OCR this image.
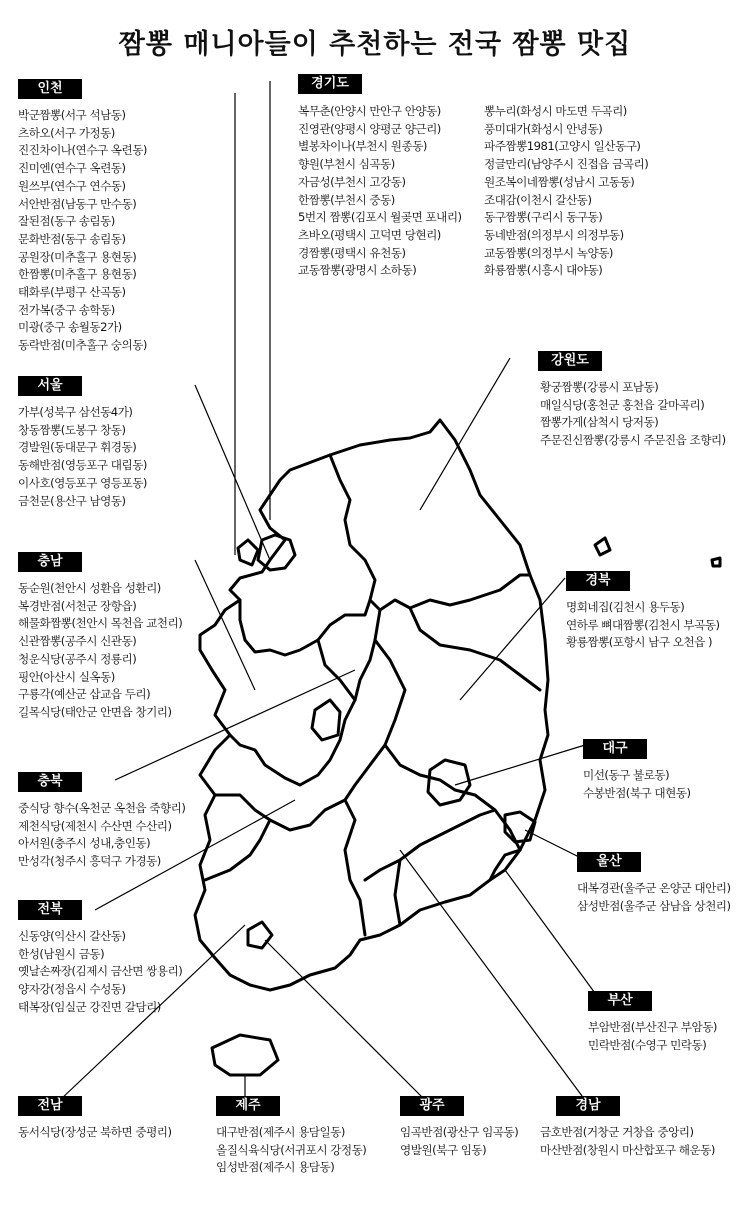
짬뽕 매니아들이 추천하는 전국 짬뽕 맛집
인천
박군짬뽕(서구 석남동)
츠하오(서구 가정동)
진진차이나(연수구 옥련동)
진미엔(연수구 옥련동)
원쓰부(연수구 연수동)
서안반점(남동구 만수동)
잘된점(동구 송림동)
문화반점(동구 송림동)
공원장(미추홀구 용현동)
한짬뽕(미추홀구 용현동)
태화루(부평구 산곡동)
전가복(중구 송학동)
미광(중구 송월동2가)
동락반점(미추홀구 숭의동)
경기도
복무춘(안양시 만안구 안양동)
진영관(양평시 양평군 양근리)
별봉차이나(부천시 원종동)
향원(부천시 심곡동)
자금성(부천시 고강동)
한짬뽕(부천시 중동)
5번지 짬뽕(김포시 월곶면 포내리)
츠바오(평택시 고덕면 당현리)
경짬뽕(평택시 유천동)
교동짬뽕(광명시 소하동)
뽕누리(화성시 마도면 두곡리)
풍미대가(화성시 안녕동)
파주짬뽕1981(고양시 일산동구)
정글만리(남양주시 진접읍 금곡리)
원조복이네짬뽕(성남시 고동동)
조대감(이천시 갈산동)
동구짬뽕(구리시 동구동)
동네반점(의정부시 의정부동)
교동짬뽕(의정부시 녹양동)
화룡짬뽕(시흥시 대야동)
서울
가부(성북구 삼선동4가)
창동짬뽕(도봉구 창동)
경발원(동대문구 휘경동)
동해반점(영등포구 대림동)
이사호(영등포구 영등포동)
금천문(용산구 남영동)
강원도
황궁짬뽕(강릉시 포남동)
매일식당(홍천군 홍천읍 갈마곡리)
짬뽕가게(삼척시 당저동)
주문진신짬뽕(강릉시 주문진읍 조향리)
충남
동순원(천안시 성환읍 성환리)
복경반점(서천군 장항읍)
해물화짬뽕(천안시 목천읍 교천리)
신관짬뽕(공주시 신관동)
청운식당(공주시 정룡리)
핑안(아산시 실옥동)
구룡각(예산군 삽교읍 두리)
길목식당(태안군 안면읍 창기리)
경북
명회네집(김천시 용두동)
연하루 뼈대짬뽕(김천시 부곡동)
황룡짬뽕(포항시 남구 오천읍 )
대구
미선(동구 불로동)
수봉반점(북구 대현동)
충북
중식당 향수(옥천군 옥천읍 죽향리)
제천식당(제천시 수산면 수산리)
아서원(충주시 성내,충인동)
만성각(청주시 흥덕구 가경동)	울산
대복경관(울주군 온양군 대안리)
삼성반점(울주군 삼남읍 상천리)
전북
신동양(익산시 갈산동)
한성(남원시 금동)
옛날손짜장(김제시 금산면 쌍용리)
양자강(정읍시 수성동)
태복장(임실군 강진면 갈담리)	부산
부암반점(부산진구 부암동)
민락반점(수영구 민락동)
전남
동서식당(장성군 북하면 중평리)
제주
대구반점(제주시 용담일동)
올질식육식당(서귀포시 강정동)
임성반점(제주시 용담동)
광주
임곡반점(광산구 임곡동)
영발원(북구 임동)
경남
금호반점(거창군 거창읍 중앙리)
마산반점(창원시 마산합포구 해운동)
